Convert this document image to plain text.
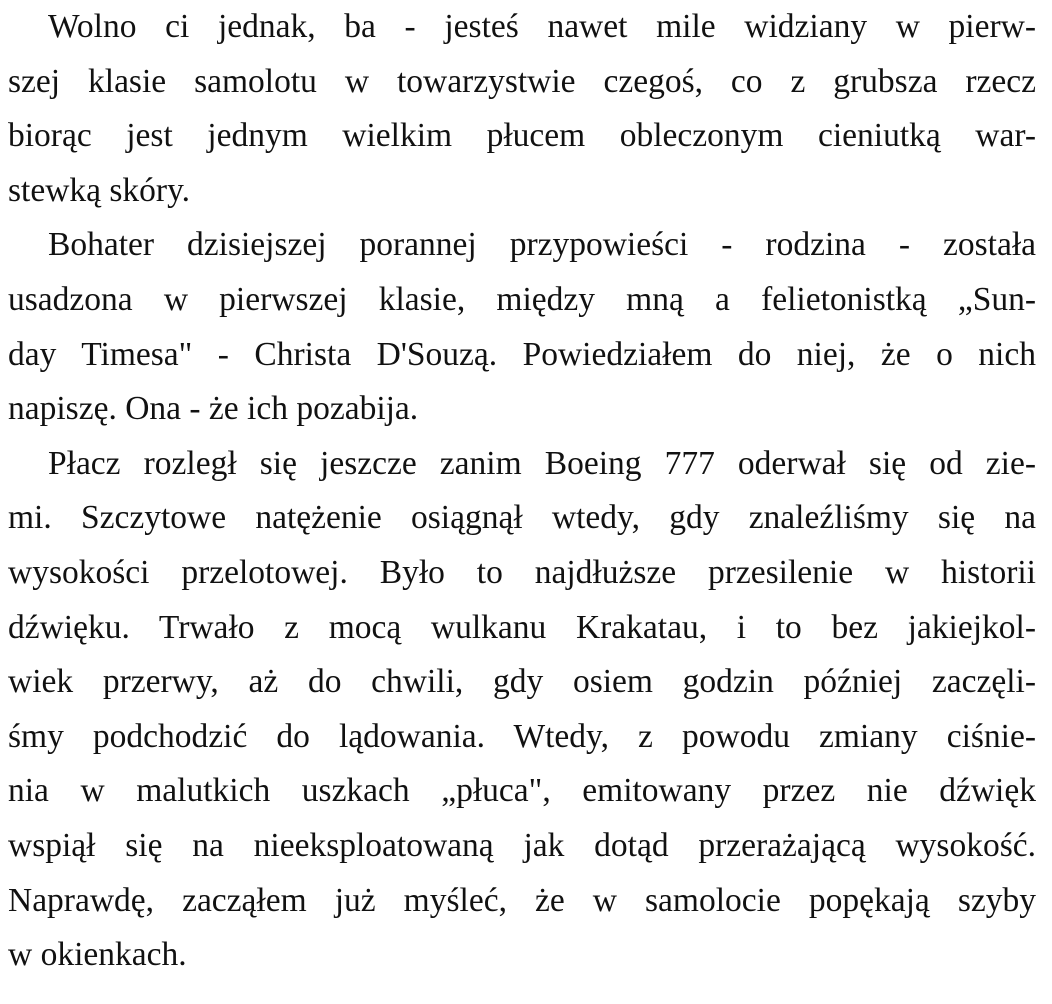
Wolno ci jednak, ba - jesteś nawet mile widziany w pierw-
szej klasie samolotu w towarzystwie czegoś, co z grubsza rzecz
biorąc jest jednym wielkim płucem obleczonym cieniutką war-
stewką skóry.
Bohater dzisiejszej porannej przypowieści - rodzina - została
usadzona w pierwszej klasie, między mną a felietonistką „Sun-
day Timesa" - Christa D'Souzą. Powiedziałem do niej, że o nich
napiszę. Ona - że ich pozabija.
Płacz rozległ się jeszcze zanim Boeing 777 oderwał się od zie-
mi. Szczytowe natężenie osiągnął wtedy, gdy znaleźliśmy się na
wysokości przelotowej. Było to najdłuższe przesilenie w historii
dźwięku. Trwało z mocą wulkanu Krakatau, i to bez jakiejkol-
wiek przerwy, aż do chwili, gdy osiem godzin później zaczęli-
śmy podchodzić do lądowania. Wtedy, z powodu zmiany ciśnie-
nia w malutkich uszkach „płuca", emitowany przez nie dźwięk
wspiął się na nieeksploatowaną jak dotąd przerażającą wysokość.
Naprawdę, zacząłem już myśleć, że w samolocie popękają szyby
w okienkach.
